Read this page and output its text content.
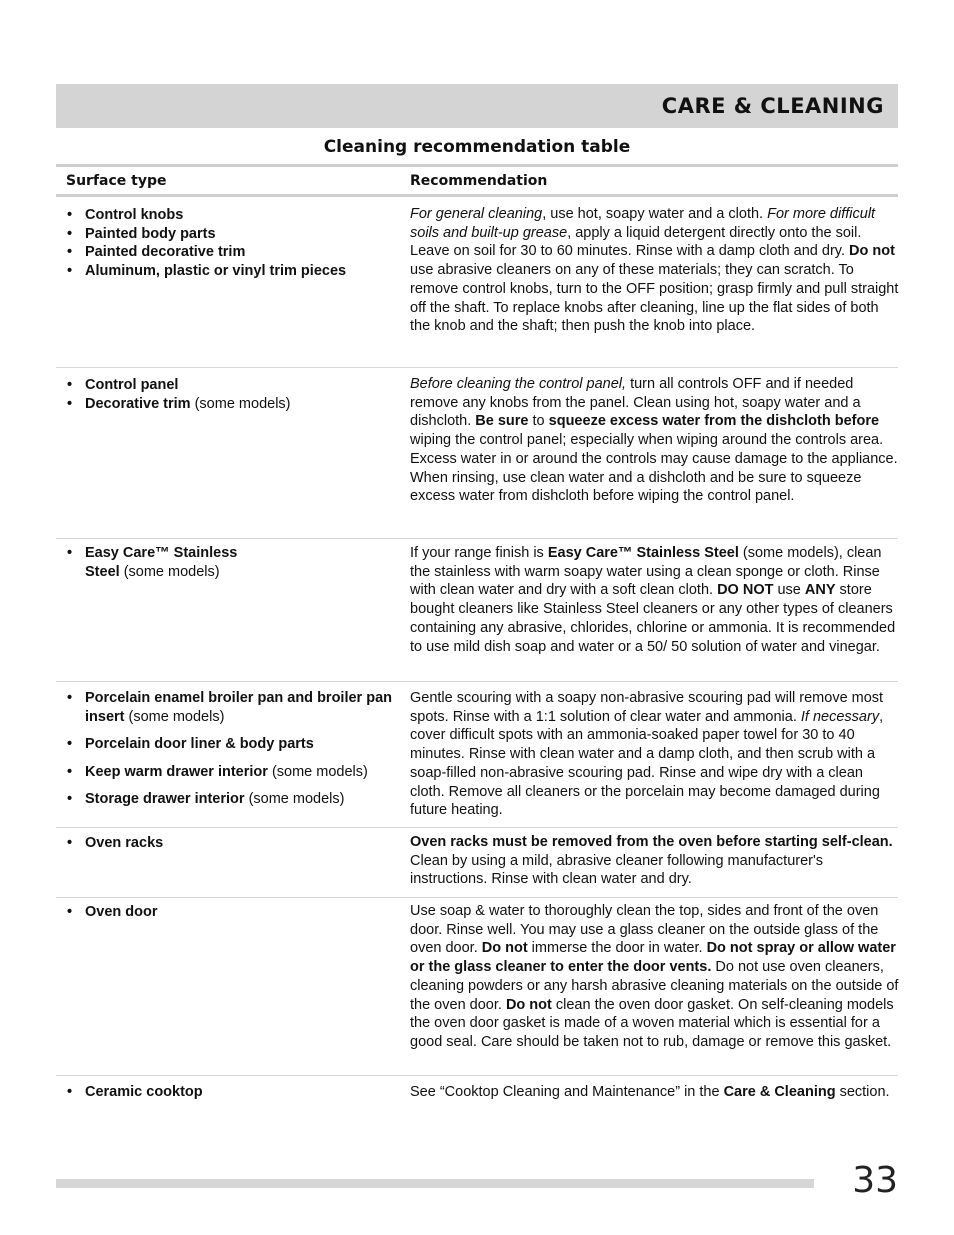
CARE & CLEANING
Cleaning recommendation table
Surface type	Recommendation
• Control knobs
• Painted body parts
• Painted decorative trim
• Aluminum, plastic or vinyl trim pieces

For general cleaning, use hot, soapy water and a cloth. For more difficult soils and built-up grease, apply a liquid detergent directly onto the soil. Leave on soil for 30 to 60 minutes. Rinse with a damp cloth and dry. Do not use abrasive cleaners on any of these materials; they can scratch. To remove control knobs, turn to the OFF position; grasp firmly and pull straight off the shaft. To replace knobs after cleaning, line up the flat sides of both the knob and the shaft; then push the knob into place.

• Control panel
• Decorative trim (some models)

Before cleaning the control panel, turn all controls OFF and if needed remove any knobs from the panel. Clean using hot, soapy water and a dishcloth. Be sure to squeeze excess water from the dishcloth before wiping the control panel; especially when wiping around the controls area. Excess water in or around the controls may cause damage to the appliance. When rinsing, use clean water and a dishcloth and be sure to squeeze excess water from dishcloth before wiping the control panel.

• Easy Care™ Stainless Steel (some models)

If your range finish is Easy Care™ Stainless Steel (some models), clean the stainless with warm soapy water using a clean sponge or cloth. Rinse with clean water and dry with a soft clean cloth. DO NOT use ANY store bought cleaners like Stainless Steel cleaners or any other types of cleaners containing any abrasive, chlorides, chlorine or ammonia. It is recommended to use mild dish soap and water or a 50/ 50 solution of water and vinegar.

• Porcelain enamel broiler pan and broiler pan insert (some models)
• Porcelain door liner & body parts
• Keep warm drawer interior (some models)
• Storage drawer interior (some models)

Gentle scouring with a soapy non-abrasive scouring pad will remove most spots. Rinse with a 1:1 solution of clear water and ammonia. If necessary, cover difficult spots with an ammonia-soaked paper towel for 30 to 40 minutes. Rinse with clean water and a damp cloth, and then scrub with a soap-filled non-abrasive scouring pad. Rinse and wipe dry with a clean cloth. Remove all cleaners or the porcelain may become damaged during future heating.

• Oven racks	Oven racks must be removed from the oven before starting self-clean. Clean by using a mild, abrasive cleaner following manufacturer's instructions. Rinse with clean water and dry.

• Oven door	Use soap & water to thoroughly clean the top, sides and front of the oven door. Rinse well. You may use a glass cleaner on the outside glass of the oven door. Do not immerse the door in water. Do not spray or allow water or the glass cleaner to enter the door vents. Do not use oven cleaners, cleaning powders or any harsh abrasive cleaning materials on the outside of the oven door. Do not clean the oven door gasket. On self-cleaning models the oven door gasket is made of a woven material which is essential for a good seal. Care should be taken not to rub, damage or remove this gasket.

• Ceramic cooktop	See “Cooktop Cleaning and Maintenance” in the Care & Cleaning section.

33
